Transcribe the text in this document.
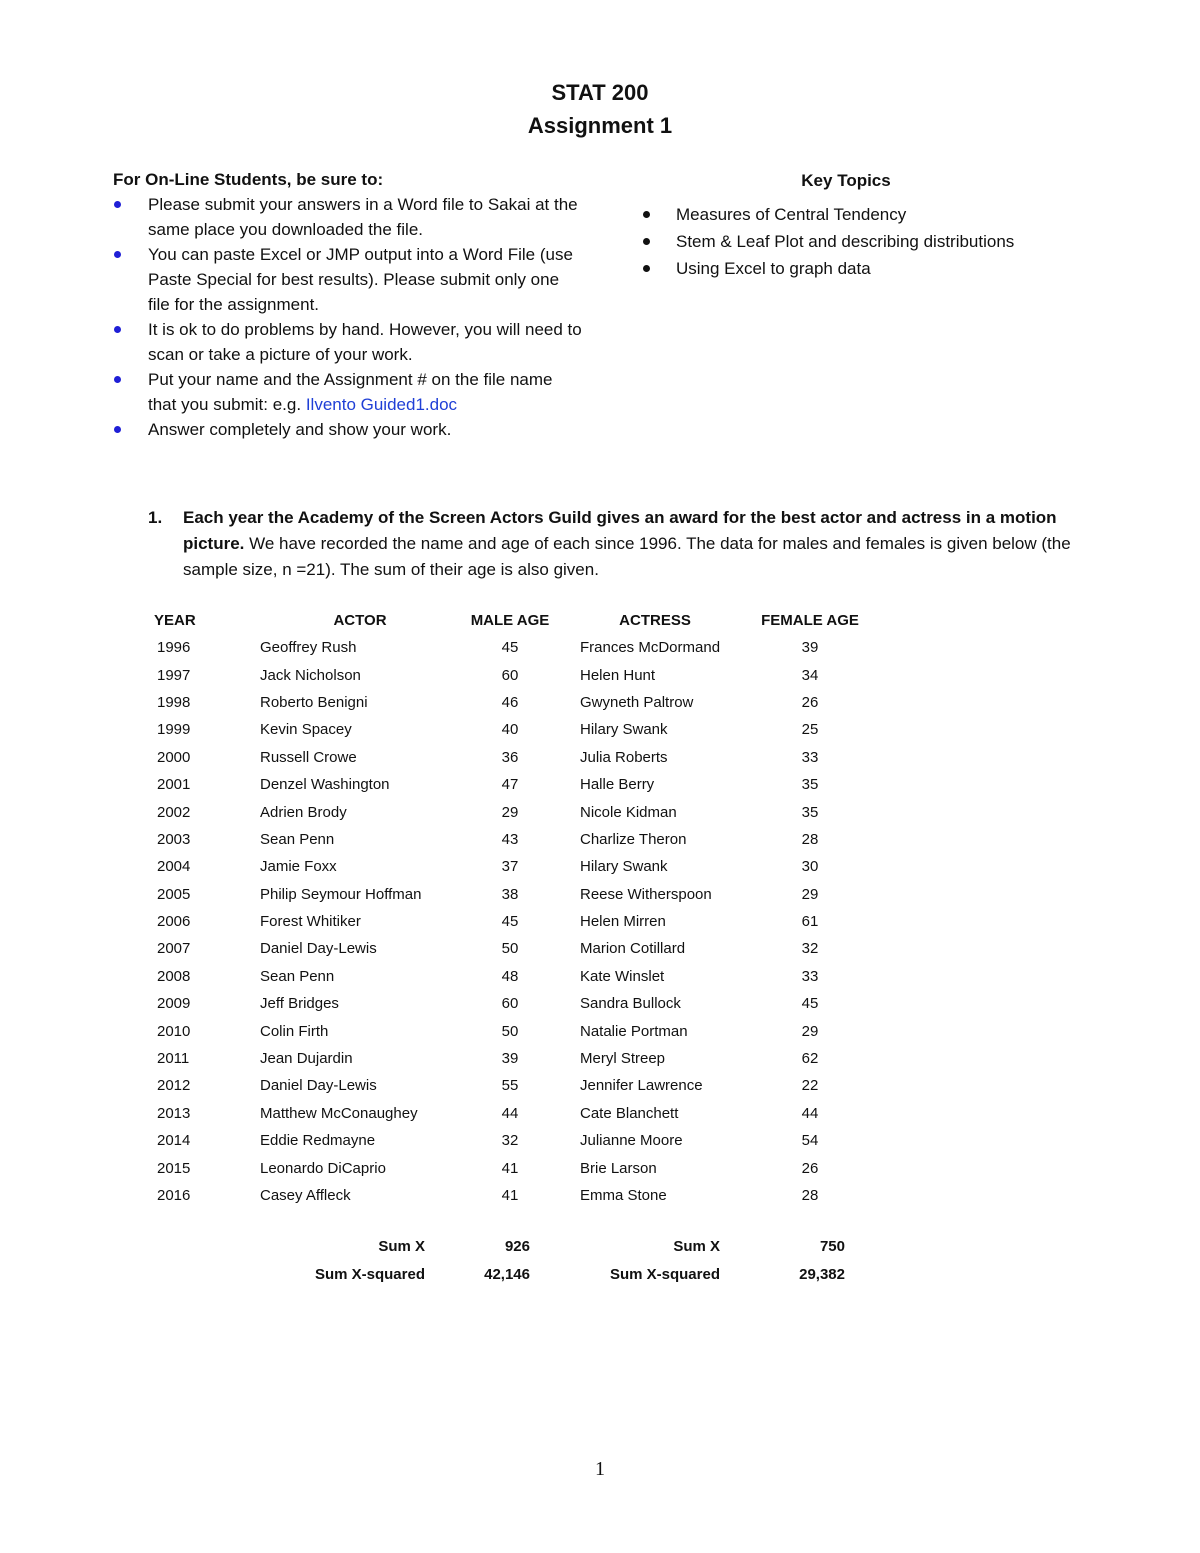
STAT 200
Assignment 1
For On-Line Students, be sure to:
Please submit your answers in a Word file to Sakai at the same place you downloaded the file.
You can paste Excel or JMP output into a Word File (use Paste Special for best results). Please submit only one file for the assignment.
It is ok to do problems by hand. However, you will need to scan or take a picture of your work.
Put your name and the Assignment # on the file name that you submit: e.g. Ilvento Guided1.doc
Answer completely and show your work.
Key Topics
Measures of Central Tendency
Stem & Leaf Plot and describing distributions
Using Excel to graph data
1. Each year the Academy of the Screen Actors Guild gives an award for the best actor and actress in a motion picture. We have recorded the name and age of each since 1996. The data for males and females is given below (the sample size, n =21). The sum of their age is also given.
YEAR	ACTOR	MALE AGE	ACTRESS	FEMALE AGE
1996	Geoffrey Rush	45	Frances McDormand	39
1997	Jack Nicholson	60	Helen Hunt	34
1998	Roberto Benigni	46	Gwyneth Paltrow	26
1999	Kevin Spacey	40	Hilary Swank	25
2000	Russell Crowe	36	Julia Roberts	33
2001	Denzel Washington	47	Halle Berry	35
2002	Adrien Brody	29	Nicole Kidman	35
2003	Sean Penn	43	Charlize Theron	28
2004	Jamie Foxx	37	Hilary Swank	30
2005	Philip Seymour Hoffman	38	Reese Witherspoon	29
2006	Forest Whitiker	45	Helen Mirren	61
2007	Daniel Day-Lewis	50	Marion Cotillard	32
2008	Sean Penn	48	Kate Winslet	33
2009	Jeff Bridges	60	Sandra Bullock	45
2010	Colin Firth	50	Natalie Portman	29
2011	Jean Dujardin	39	Meryl Streep	62
2012	Daniel Day-Lewis	55	Jennifer Lawrence	22
2013	Matthew McConaughey	44	Cate Blanchett	44
2014	Eddie Redmayne	32	Julianne Moore	54
2015	Leonardo DiCaprio	41	Brie Larson	26
2016	Casey Affleck	41	Emma Stone	28
Sum X	926	Sum X	750
Sum X-squared	42,146	Sum X-squared	29,382
1
